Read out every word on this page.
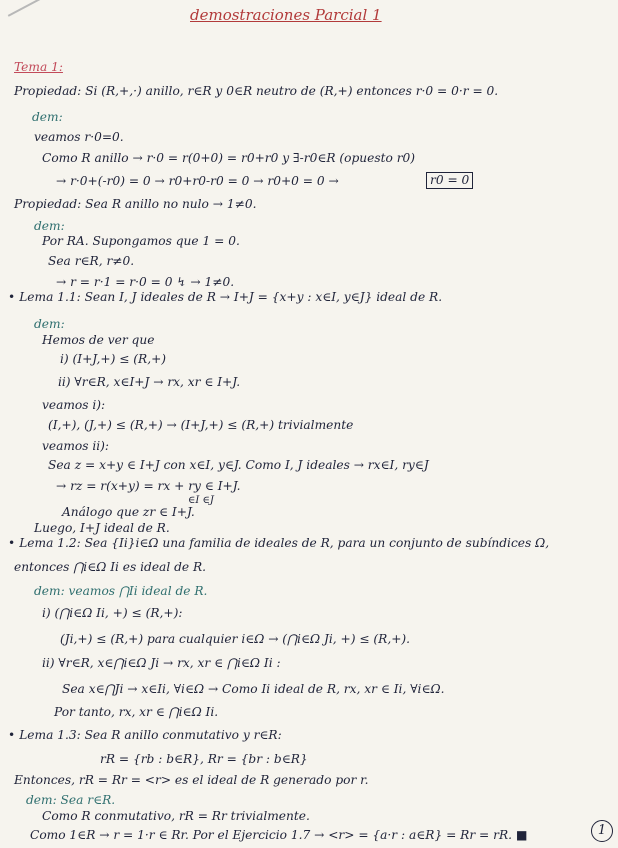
demostraciones Parcial 1
Tema 1:
Propiedad: Si (R,+,·) anillo, r∈R y 0∈R neutro de (R,+) entonces r·0 = 0·r = 0.
dem:
veamos r·0=0.
Como R anillo → r·0 = r(0+0) = r0+r0 y ∃-r0∈R (opuesto r0)
→ r·0+(-r0) = 0 → r0+r0-r0 = 0 → r0+0 = 0 →	r0 = 0
Propiedad: Sea R anillo no nulo → 1≠0.
dem:
Por RA. Supongamos que 1 = 0.
Sea r∈R, r≠0.
→ r = r·1 = r·0 = 0 ↯ → 1≠0.
• Lema 1.1: Sean I, J ideales de R → I+J = {x+y : x∈I, y∈J} ideal de R.
dem:
Hemos de ver que
i) (I+J,+) ≤ (R,+)
ii) ∀r∈R, x∈I+J → rx, xr ∈ I+J.
veamos i):
(I,+), (J,+) ≤ (R,+) → (I+J,+) ≤ (R,+) trivialmente
veamos ii):
Sea z = x+y ∈ I+J con x∈I, y∈J. Como I, J ideales → rx∈I, ry∈J
→ rz = r(x+y) = rx + ry ∈ I+J.
∈I ∈J
Análogo que zr ∈ I+J.
Luego, I+J ideal de R.
• Lema 1.2: Sea {Ii}i∈Ω una familia de ideales de R, para un conjunto de subíndices Ω,
entonces ⋂i∈Ω Ii es ideal de R.
dem: veamos ⋂Ii ideal de R.
i) (⋂i∈Ω Ii, +) ≤ (R,+):
(Ji,+) ≤ (R,+) para cualquier i∈Ω → (⋂i∈Ω Ji, +) ≤ (R,+).
ii) ∀r∈R, x∈⋂i∈Ω Ji → rx, xr ∈ ⋂i∈Ω Ii :
Sea x∈⋂Ji → x∈Ii, ∀i∈Ω → Como Ii ideal de R, rx, xr ∈ Ii, ∀i∈Ω.
Por tanto, rx, xr ∈ ⋂i∈Ω Ii.
• Lema 1.3: Sea R anillo conmutativo y r∈R:
rR = {rb : b∈R}, Rr = {br : b∈R}
Entonces, rR = Rr = <r> es el ideal de R generado por r.
dem: Sea r∈R.
Como R conmutativo, rR = Rr trivialmente.
Como 1∈R → r = 1·r ∈ Rr. Por el Ejercicio 1.7 → <r> = {a·r : a∈R} = Rr = rR. ■	1
